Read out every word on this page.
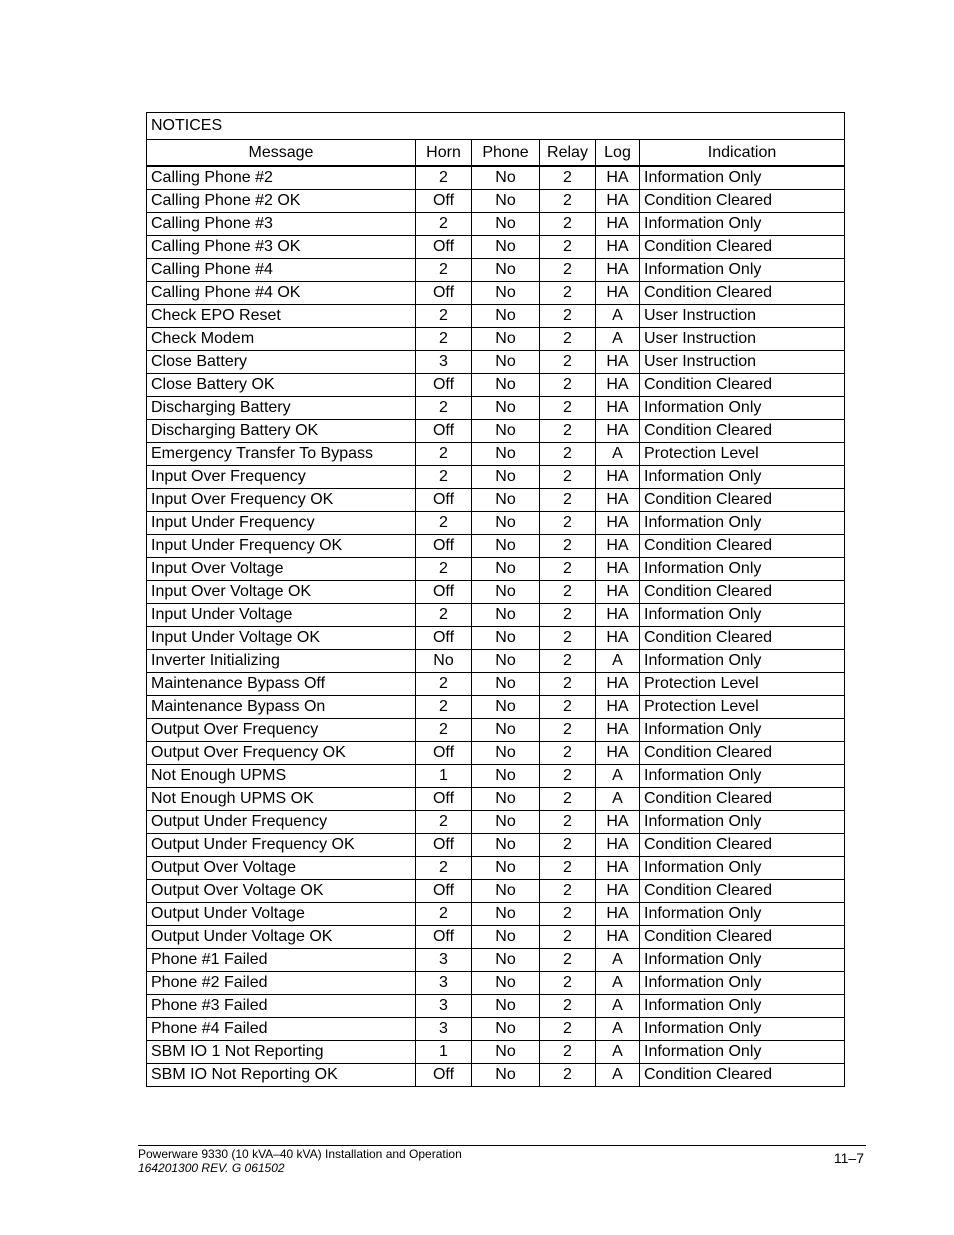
NOTICES					
Message	Horn	Phone	Relay	Log	Indication
Calling Phone #2	2	No	2	HA	Information Only
Calling Phone #2 OK	Off	No	2	HA	Condition Cleared
Calling Phone #3	2	No	2	HA	Information Only
Calling Phone #3 OK	Off	No	2	HA	Condition Cleared
Calling Phone #4	2	No	2	HA	Information Only
Calling Phone #4 OK	Off	No	2	HA	Condition Cleared
Check EPO Reset	2	No	2	A	User Instruction
Check Modem	2	No	2	A	User Instruction
Close Battery	3	No	2	HA	User Instruction
Close Battery OK	Off	No	2	HA	Condition Cleared
Discharging Battery	2	No	2	HA	Information Only
Discharging Battery OK	Off	No	2	HA	Condition Cleared
Emergency Transfer To Bypass	2	No	2	A	Protection Level
Input Over Frequency	2	No	2	HA	Information Only
Input Over Frequency OK	Off	No	2	HA	Condition Cleared
Input Under Frequency	2	No	2	HA	Information Only
Input Under Frequency OK	Off	No	2	HA	Condition Cleared
Input Over Voltage	2	No	2	HA	Information Only
Input Over Voltage OK	Off	No	2	HA	Condition Cleared
Input Under Voltage	2	No	2	HA	Information Only
Input Under Voltage OK	Off	No	2	HA	Condition Cleared
Inverter Initializing	No	No	2	A	Information Only
Maintenance Bypass Off	2	No	2	HA	Protection Level
Maintenance Bypass On	2	No	2	HA	Protection Level
Output Over Frequency	2	No	2	HA	Information Only
Output Over Frequency OK	Off	No	2	HA	Condition Cleared
Not Enough UPMS	1	No	2	A	Information Only
Not Enough UPMS OK	Off	No	2	A	Condition Cleared
Output Under Frequency	2	No	2	HA	Information Only
Output Under Frequency OK	Off	No	2	HA	Condition Cleared
Output Over Voltage	2	No	2	HA	Information Only
Output Over Voltage OK	Off	No	2	HA	Condition Cleared
Output Under Voltage	2	No	2	HA	Information Only
Output Under Voltage OK	Off	No	2	HA	Condition Cleared
Phone #1 Failed	3	No	2	A	Information Only
Phone #2 Failed	3	No	2	A	Information Only
Phone #3 Failed	3	No	2	A	Information Only
Phone #4 Failed	3	No	2	A	Information Only
SBM IO 1 Not Reporting	1	No	2	A	Information Only
SBM IO Not Reporting OK	Off	No	2	A	Condition Cleared
Powerware 9330 (10 kVA–40 kVA) Installation and Operation
164201300 REV. G 061502
11–7
